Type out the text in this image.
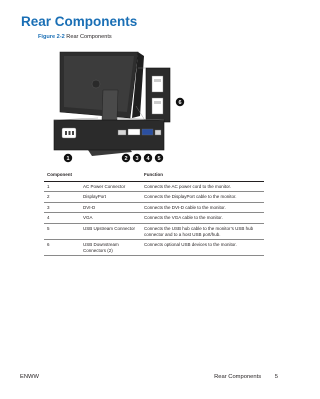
Rear Components
Figure 2-2 Rear Components
6
1	2 3 4 5
Component		Function
1	AC Power Connector	Connects the AC power cord to the monitor.
2	DisplayPort	Connects the DisplayPort cable to the monitor.
3	DVI-D	Connects the DVI-D cable to the monitor.
4	VGA	Connects the VGA cable to the monitor.
5	USB Upstream Connector	Connects the USB hub cable to the monitor’s USB hub connector and to a host USB port/hub.
6	USB Downstream Connectors (2)	Connects optional USB devices to the monitor.
ENWW	Rear Components 5
